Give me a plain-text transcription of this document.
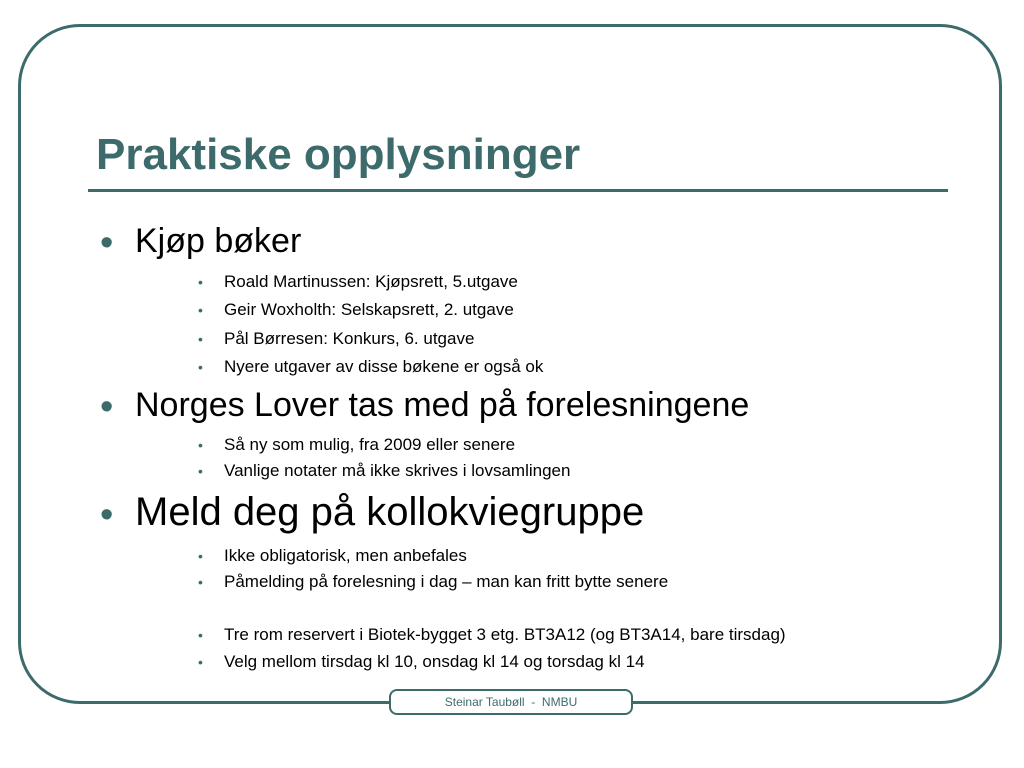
Praktiske opplysninger
• Kjøp bøker
• Roald Martinussen: Kjøpsrett, 5.utgave
• Geir Woxholth: Selskapsrett, 2. utgave
• Pål Børresen: Konkurs, 6. utgave
• Nyere utgaver av disse bøkene er også ok
• Norges Lover tas med på forelesningene
• Så ny som mulig, fra 2009 eller senere
• Vanlige notater må ikke skrives i lovsamlingen
• Meld deg på kollokviegruppe
• Ikke obligatorisk, men anbefales
• Påmelding på forelesning i dag – man kan fritt bytte senere
• Tre rom reservert i Biotek-bygget 3 etg. BT3A12 (og BT3A14, bare tirsdag)
• Velg mellom tirsdag kl 10, onsdag kl 14 og torsdag kl 14
Steinar Taubøll  -  NMBU
